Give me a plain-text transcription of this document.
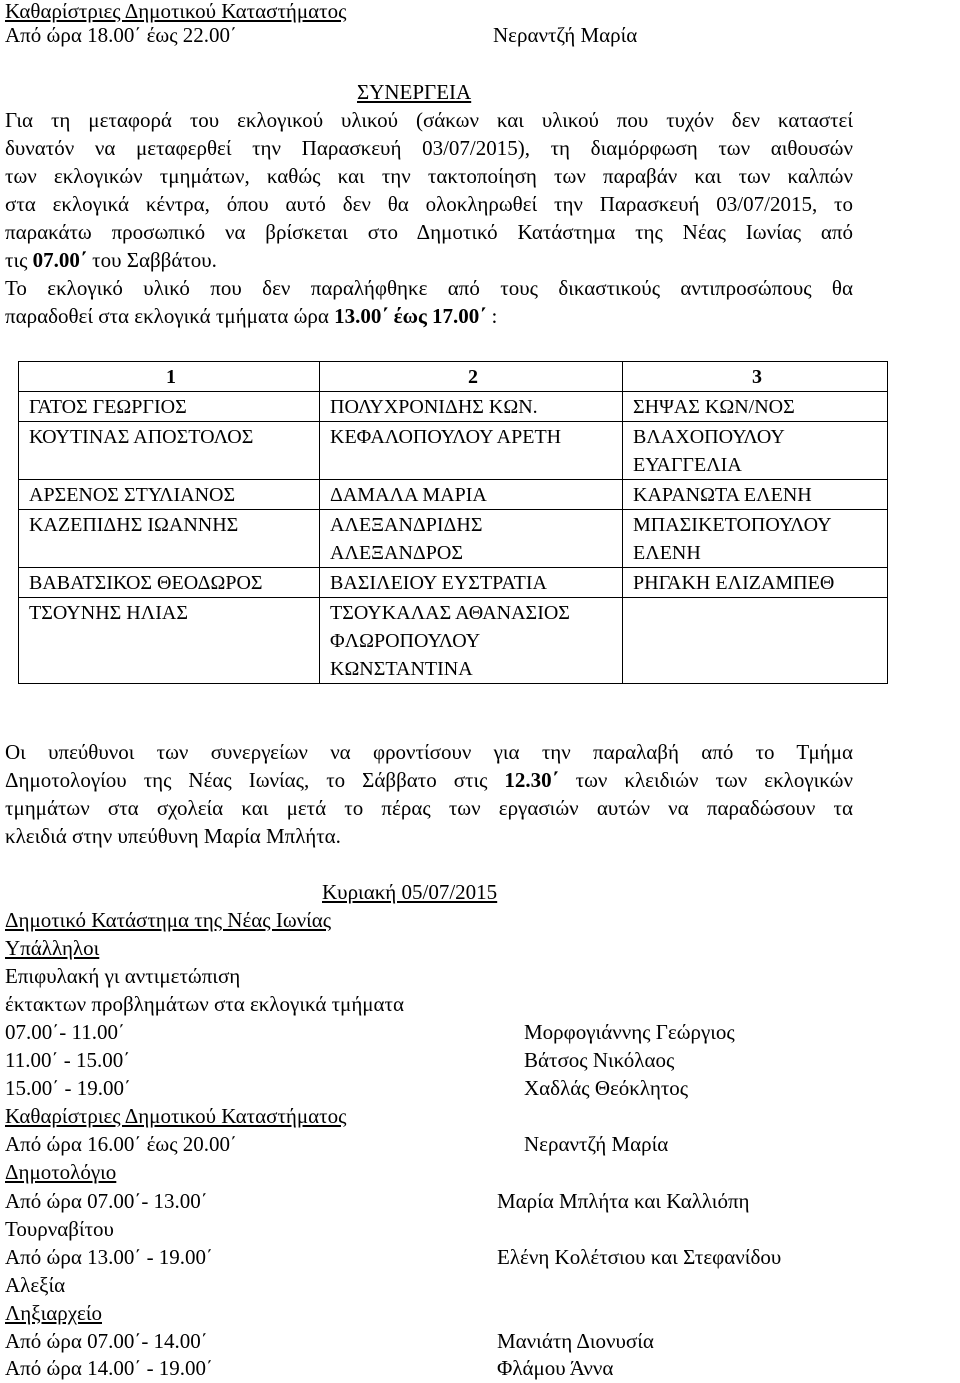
Καθαρίστριες Δημοτικού Καταστήματος
Από ώρα 18.00΄ έως 22.00΄	Νεραντζή Μαρία
ΣΥΝΕΡΓΕΙΑ
Για τη μεταφορά του εκλογικού υλικού (σάκων και υλικού που τυχόν δεν καταστεί
δυνατόν να μεταφερθεί την Παρασκευή 03/07/2015), τη διαμόρφωση των αιθουσών
των εκλογικών τμημάτων, καθώς και την τακτοποίηση των παραβάν και των καλπών
στα εκλογικά κέντρα, όπου αυτό δεν θα ολοκληρωθεί την Παρασκευή 03/07/2015, το
παρακάτω προσωπικό να βρίσκεται στο Δημοτικό Κατάστημα της Νέας Ιωνίας από
τις 07.00΄ του Σαββάτου.
Το εκλογικό υλικό που δεν παραλήφθηκε από τους δικαστικούς αντιπροσώπους θα
παραδοθεί στα εκλογικά τμήματα ώρα 13.00΄ έως 17.00΄ :
1	2	3
ΓΑΤΟΣ ΓΕΩΡΓΙΟΣ	ΠΟΛΥΧΡΟΝΙΔΗΣ ΚΩΝ.	ΣΗΨΑΣ ΚΩΝ/ΝΟΣ
ΚΟΥΤΙΝΑΣ ΑΠΟΣΤΟΛΟΣ	ΚΕΦΑΛΟΠΟΥΛΟΥ ΑΡΕΤΗ	ΒΛΑΧΟΠΟΥΛΟΥ ΕΥΑΓΓΕΛΙΑ
ΑΡΣΕΝΟΣ ΣΤΥΛΙΑΝΟΣ	ΔΑΜΑΛΑ ΜΑΡΙΑ	ΚΑΡΑΝΩΤΑ ΕΛΕΝΗ
ΚΑΖΕΠΙΔΗΣ ΙΩΑΝΝΗΣ	ΑΛΕΞΑΝΔΡΙΔΗΣ ΑΛΕΞΑΝΔΡΟΣ	ΜΠΑΣΙΚΕΤΟΠΟΥΛΟΥ ΕΛΕΝΗ
ΒΑΒΑΤΣΙΚΟΣ ΘΕΟΔΩΡΟΣ	ΒΑΣΙΛΕΙΟΥ ΕΥΣΤΡΑΤΙΑ	ΡΗΓΑΚΗ ΕΛΙΖΑΜΠΕΘ
ΤΣΟΥΝΗΣ ΗΛΙΑΣ	ΤΣΟΥΚΑΛΑΣ ΑΘΑΝΑΣΙΟΣ ΦΛΩΡΟΠΟΥΛΟΥ ΚΩΝΣΤΑΝΤΙΝΑ	
Οι υπεύθυνοι των συνεργείων να φροντίσουν για την παραλαβή από το Τμήμα
Δημοτολογίου της Νέας Ιωνίας, το Σάββατο στις 12.30΄ των κλειδιών των εκλογικών
τμημάτων στα σχολεία και μετά το πέρας των εργασιών αυτών να παραδώσουν τα
κλειδιά στην υπεύθυνη Μαρία Μπλήτα.
Κυριακή 05/07/2015
Δημοτικό Κατάστημα της Νέας Ιωνίας
Υπάλληλοι
Επιφυλακή γι αντιμετώπιση
έκτακτων προβλημάτων στα εκλογικά τμήματα
07.00΄- 11.00΄	Μορφογιάννης Γεώργιος
11.00΄ - 15.00΄	Βάτσος Νικόλαος
15.00΄ - 19.00΄	Χαδλάς Θεόκλητος
Καθαρίστριες Δημοτικού Καταστήματος
Από ώρα 16.00΄ έως 20.00΄	Νεραντζή Μαρία
Δημοτολόγιο
Από ώρα 07.00΄- 13.00΄	Μαρία Μπλήτα και Καλλιόπη
Τουρναβίτου
Από ώρα 13.00΄ - 19.00΄	Ελένη Κολέτσιου και Στεφανίδου
Αλεξία
Ληξιαρχείο
Από ώρα 07.00΄- 14.00΄	Μανιάτη Διονυσία
Από ώρα 14.00΄ - 19.00΄	Φλάμου Άννα
